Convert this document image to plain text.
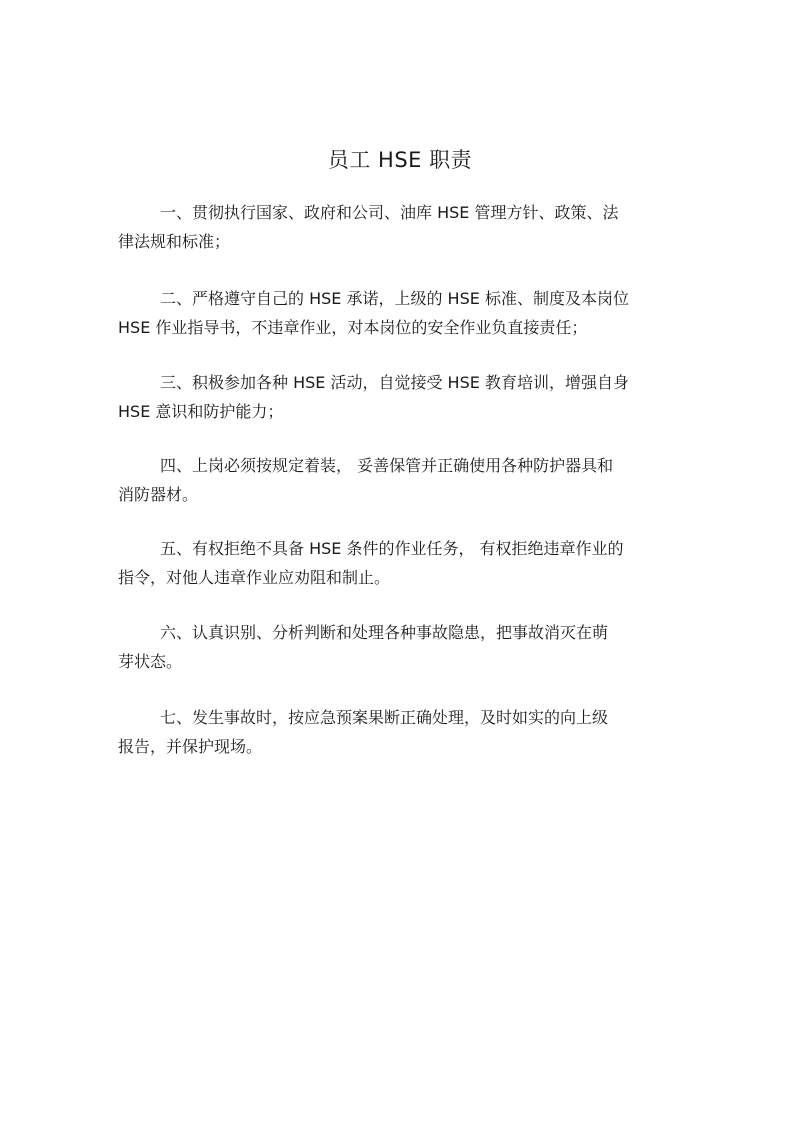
员工 HSE 职责
一、贯彻执行国家、政府和公司、油库 HSE 管理方针、政策、法
律法规和标准；
二、严格遵守自己的 HSE 承诺，上级的 HSE 标准、制度及本岗位
HSE 作业指导书，不违章作业，对本岗位的安全作业负直接责任；
三、积极参加各种 HSE 活动，自觉接受 HSE 教育培训，增强自身
HSE 意识和防护能力；
四、上岗必须按规定着装， 妥善保管并正确使用各种防护器具和
消防器材。
五、有权拒绝不具备 HSE 条件的作业任务， 有权拒绝违章作业的
指令，对他人违章作业应劝阻和制止。
六、认真识别、分析判断和处理各种事故隐患，把事故消灭在萌
芽状态。
七、发生事故时，按应急预案果断正确处理，及时如实的向上级
报告，并保护现场。
